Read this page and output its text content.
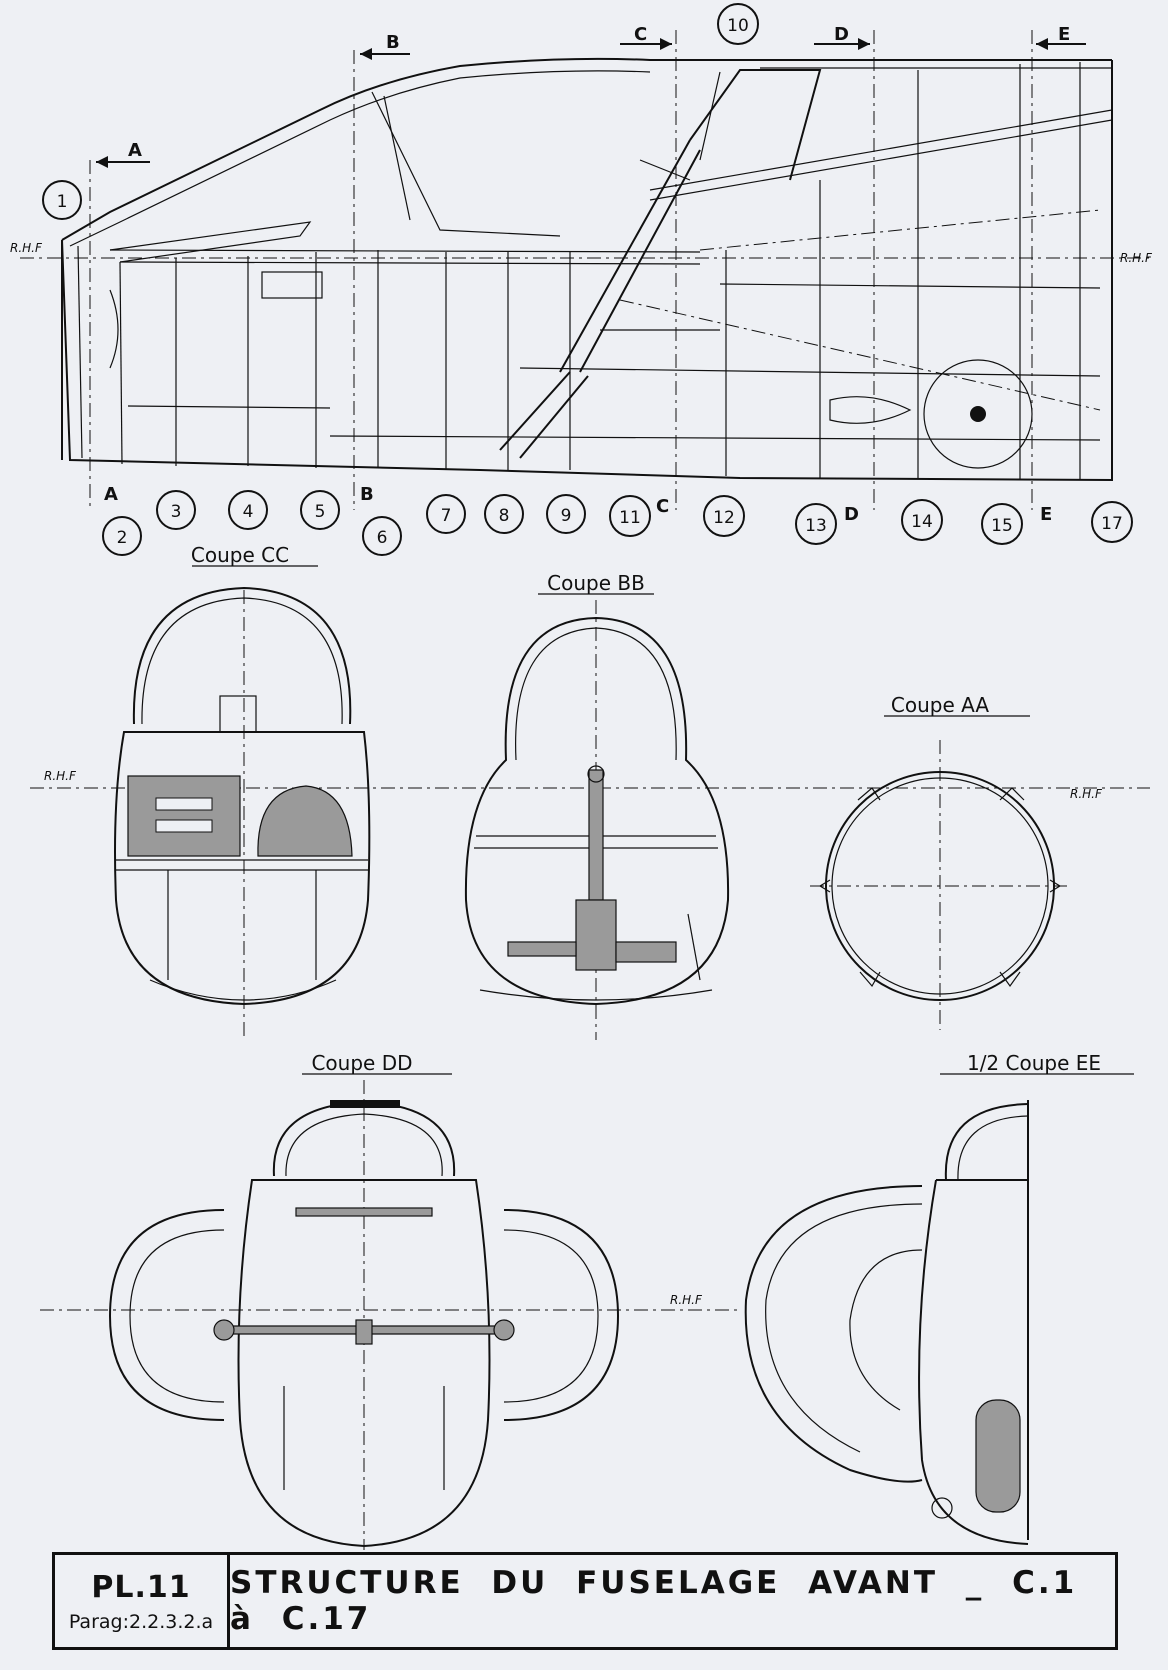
R.H.F
R.H.F
A
B	C	D	E
A	B
C	D	E
1
2
3	4	5
6
7	8	9
10
11	12	13	14	15	17
Coupe CC
R.H.F
Coupe BB
Coupe AA
R.H.F
Coupe DD
R.H.F
1/2 Coupe EE
PL.11
Parag:2.2.3.2.a
STRUCTURE DU FUSELAGE AVANT _ C.1 à C.17
